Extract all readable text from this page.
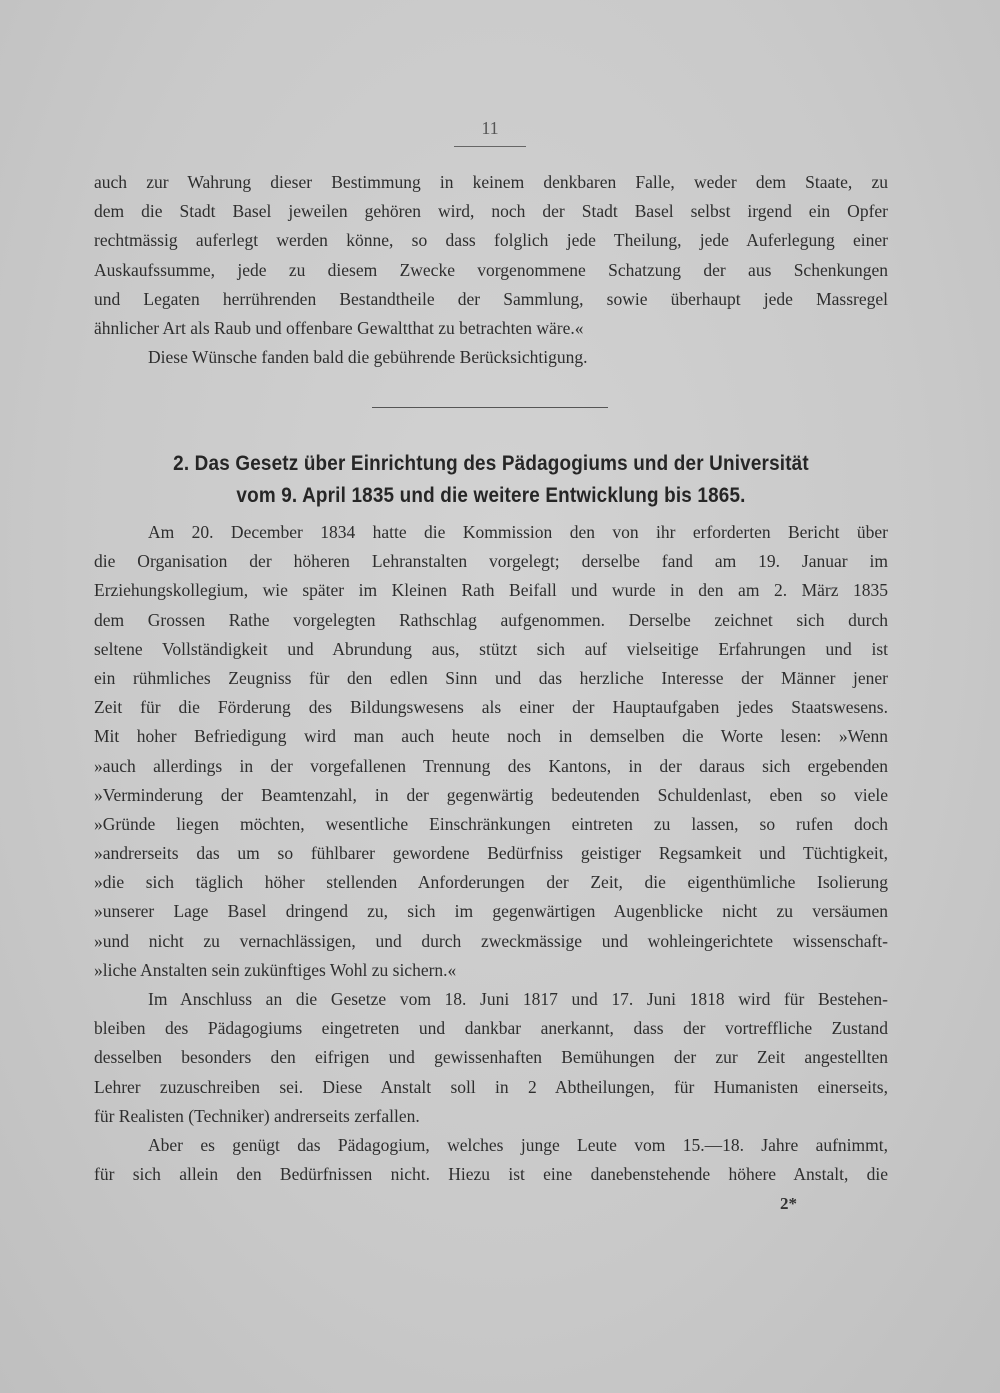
11
auch zur Wahrung dieser Bestimmung in keinem denkbaren Falle, weder dem Staate, zu
dem die Stadt Basel jeweilen gehören wird, noch der Stadt Basel selbst irgend ein Opfer
rechtmässig auferlegt werden könne, so dass folglich jede Theilung, jede Auferlegung einer
Auskaufssumme, jede zu diesem Zwecke vorgenommene Schatzung der aus Schenkungen
und Legaten herrührenden Bestandtheile der Sammlung, sowie überhaupt jede Massregel
ähnlicher Art als Raub und offenbare Gewaltthat zu betrachten wäre.«
Diese Wünsche fanden bald die gebührende Berücksichtigung.
2. Das Gesetz über Einrichtung des Pädagogiums und der Universität
vom 9. April 1835 und die weitere Entwicklung bis 1865.
Am 20. December 1834 hatte die Kommission den von ihr erforderten Bericht über
die Organisation der höheren Lehranstalten vorgelegt; derselbe fand am 19. Januar im
Erziehungskollegium, wie später im Kleinen Rath Beifall und wurde in den am 2. März 1835
dem Grossen Rathe vorgelegten Rathschlag aufgenommen. Derselbe zeichnet sich durch
seltene Vollständigkeit und Abrundung aus, stützt sich auf vielseitige Erfahrungen und ist
ein rühmliches Zeugniss für den edlen Sinn und das herzliche Interesse der Männer jener
Zeit für die Förderung des Bildungswesens als einer der Hauptaufgaben jedes Staatswesens.
Mit hoher Befriedigung wird man auch heute noch in demselben die Worte lesen: »Wenn
»auch allerdings in der vorgefallenen Trennung des Kantons, in der daraus sich ergebenden
»Verminderung der Beamtenzahl, in der gegenwärtig bedeutenden Schuldenlast, eben so viele
»Gründe liegen möchten, wesentliche Einschränkungen eintreten zu lassen, so rufen doch
»andrerseits das um so fühlbarer gewordene Bedürfniss geistiger Regsamkeit und Tüchtigkeit,
»die sich täglich höher stellenden Anforderungen der Zeit, die eigenthümliche Isolierung
»unserer Lage Basel dringend zu, sich im gegenwärtigen Augenblicke nicht zu versäumen
»und nicht zu vernachlässigen, und durch zweckmässige und wohleingerichtete wissenschaft-
»liche Anstalten sein zukünftiges Wohl zu sichern.«
Im Anschluss an die Gesetze vom 18. Juni 1817 und 17. Juni 1818 wird für Bestehen-
bleiben des Pädagogiums eingetreten und dankbar anerkannt, dass der vortreffliche Zustand
desselben besonders den eifrigen und gewissenhaften Bemühungen der zur Zeit angestellten
Lehrer zuzuschreiben sei. Diese Anstalt soll in 2 Abtheilungen, für Humanisten einerseits,
für Realisten (Techniker) andrerseits zerfallen.
Aber es genügt das Pädagogium, welches junge Leute vom 15.—18. Jahre aufnimmt,
für sich allein den Bedürfnissen nicht. Hiezu ist eine danebenstehende höhere Anstalt, die
2*
